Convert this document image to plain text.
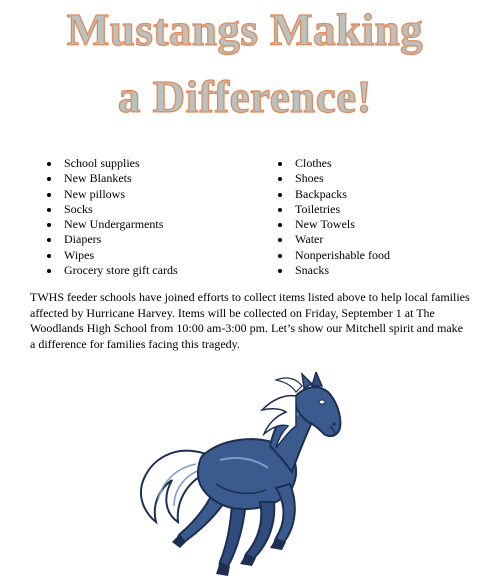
Mustangs Making
a Difference!
School supplies
New Blankets
New pillows
Socks
New Undergarments
Diapers
Wipes
Grocery store gift cards
Clothes
Shoes
Backpacks
Toiletries
New Towels
Water
Nonperishable food
Snacks

TWHS feeder schools have joined efforts to collect items listed above to help local families affected by Hurricane Harvey. Items will be collected on Friday, September 1 at The Woodlands High School from 10:00 am-3:00 pm. Let’s show our Mitchell spirit and make a difference for families facing this tragedy.
